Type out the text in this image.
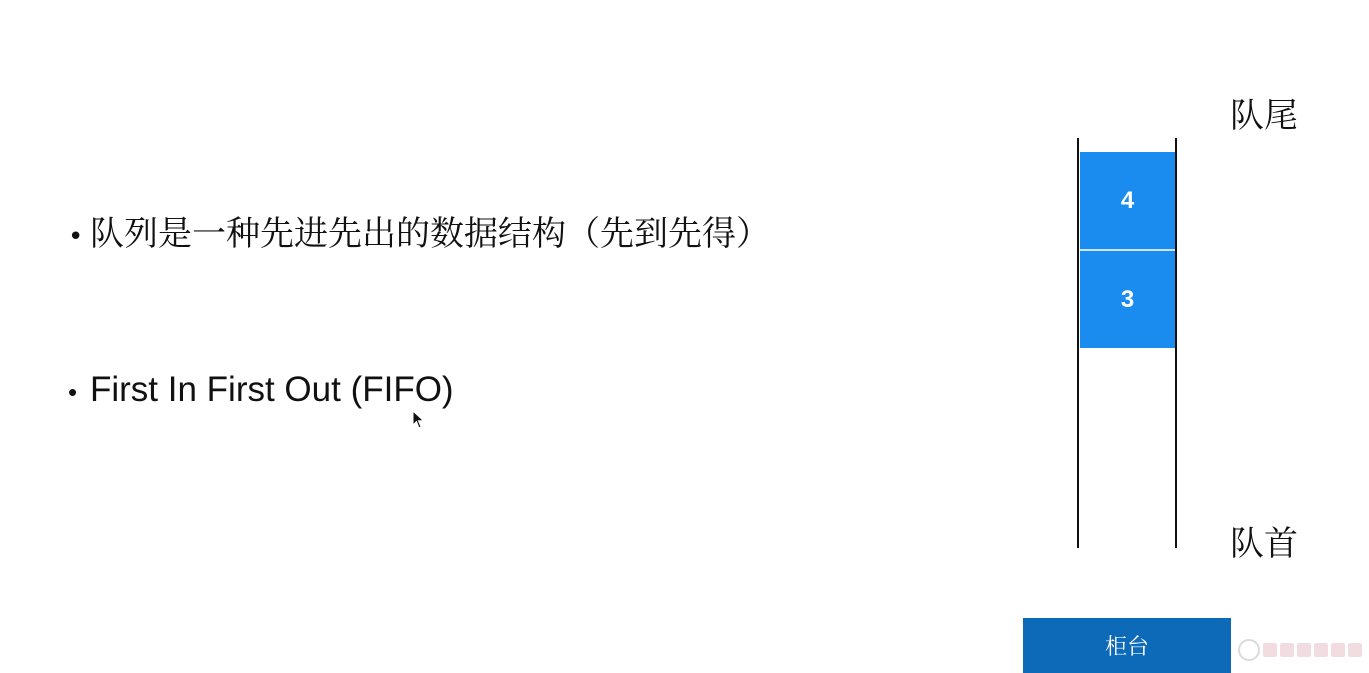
• 队列是一种先进先出的数据结构（先到先得）
• First In First Out (FIFO)
队尾
4
3
队首
柜台
